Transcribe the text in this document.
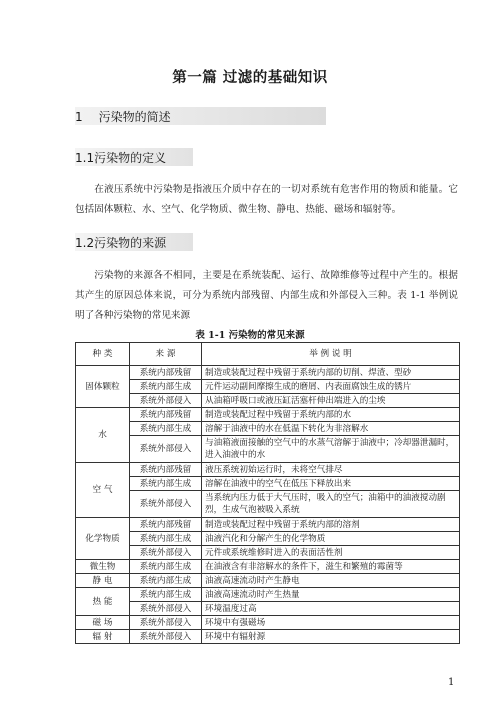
第一篇 过滤的基础知识
1 污染物的简述
1.1污染物的定义
在液压系统中污染物是指液压介质中存在的一切对系统有危害作用的物质和能量。它包括固体颗粒、水、空气、化学物质、微生物、静电、热能、磁场和辐射等。
1.2污染物的来源
污染物的来源各不相同，主要是在系统装配、运行、故障维修等过程中产生的。根据其产生的原因总体来说，可分为系统内部残留、内部生成和外部侵入三种。表 1-1 举例说明了各种污染物的常见来源
表 1-1 污染物的常见来源
种 类	来 源	举 例 说 明
固体颗粒	系统内部残留	制造或装配过程中残留于系统内部的切削、焊渣、型砂
	系统内部生成	元件运动副间摩擦生成的磨屑、内表面腐蚀生成的锈片
	系统外部侵入	从油箱呼吸口或液压缸活塞杆伸出端进入的尘埃
水	系统内部残留	制造或装配过程中残留于系统内部的水
	系统内部生成	溶解于油液中的水在低温下转化为非溶解水
	系统外部侵入	与油箱液面接触的空气中的水蒸气溶解于油液中；冷却器泄漏时，进入油液中的水
空 气	系统内部残留	液压系统初始运行时，未将空气排尽
	系统内部生成	溶解在油液中的空气在低压下释放出来
	系统外部侵入	当系统内压力低于大气压时，吸入的空气；油箱中的油液搅动剧烈，生成气泡被吸入系统
化学物质	系统内部残留	制造或装配过程中残留于系统内部的溶剂
	系统内部生成	油液汽化和分解产生的化学物质
	系统外部侵入	元件或系统维修时进入的表面活性剂
微生物	系统内部生成	在油液含有非溶解水的条件下，滋生和繁殖的霉菌等
静 电	系统内部生成	油液高速流动时产生静电
热 能	系统内部生成	油液高速流动时产生热量
	系统外部侵入	环境温度过高
磁 场	系统外部侵入	环境中有强磁场
辐 射	系统外部侵入	环境中有辐射源
1
